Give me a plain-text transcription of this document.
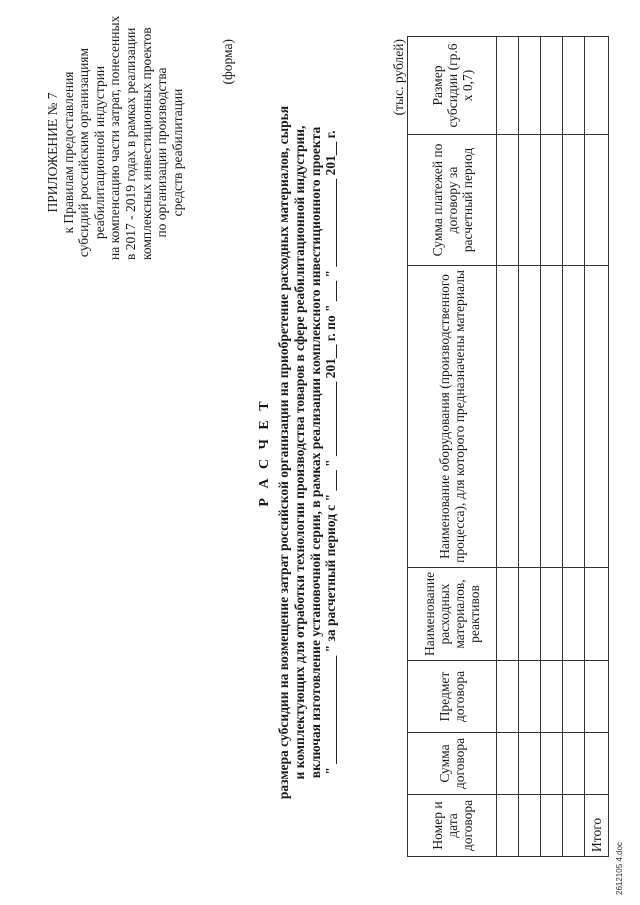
ПРИЛОЖЕНИЕ № 7 к Правилам предоставления субсидий российским организациям реабилитационной индустрии на компенсацию части затрат, понесенных в 2017 - 2019 годах в рамках реализации комплексных инвестиционных проектов по организации производства средств реабилитации
(форма)
Р А С Ч Е Т размера субсидии на возмещение затрат российской организации на приобретение расходных материалов, сырья и комплектующих для отработки технологии производства товаров в сфере реабилитационной индустрии, включая изготовление установочной серии, в рамках реализации комплексного инвестиционного проекта " ________________ " за расчетный период с " ___ " ___________ 201__ г. по " ___ " _____________ 201__ г.
(тыс. рублей)
Номер и дата договора	Сумма договора	Предмет договора	Наименование расходных материалов, реактивов	Наименование оборудования (производственного процесса), для которого предназначены материалы	Сумма платежей по договору за расчетный период	Размер субсидии (гр.6 x 0,7)

Итого						
2612105 4.doc
